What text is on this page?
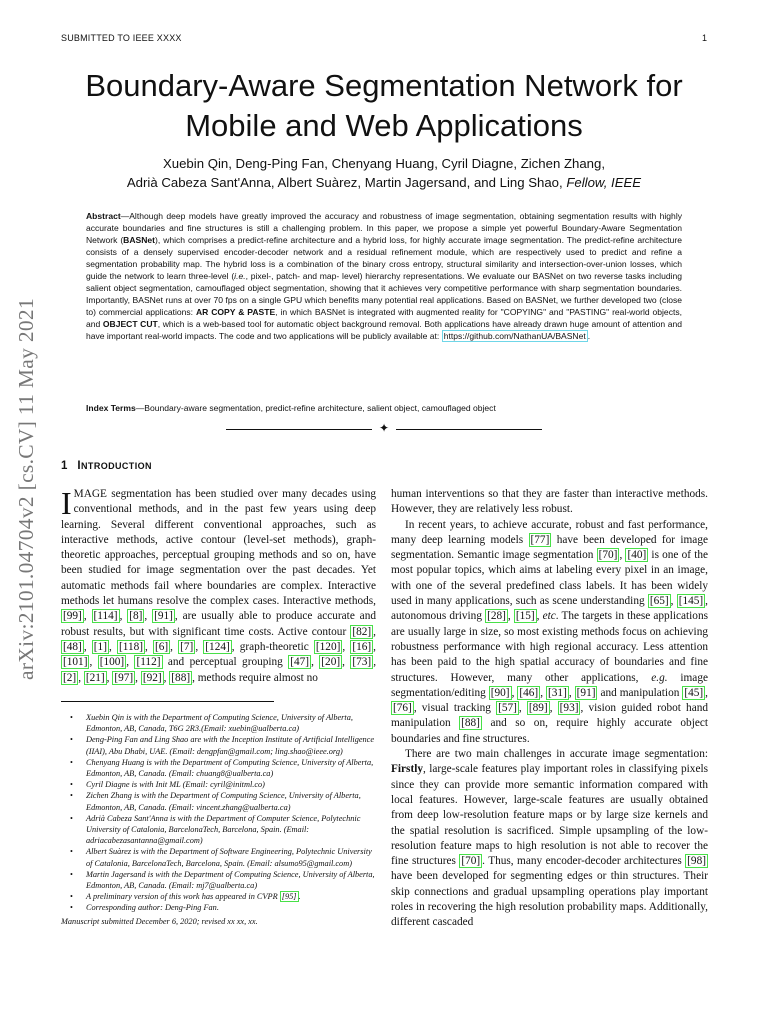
SUBMITTED TO IEEE XXXX	1
Boundary-Aware Segmentation Network for
Mobile and Web Applications
Xuebin Qin, Deng-Ping Fan, Chenyang Huang, Cyril Diagne, Zichen Zhang,
Adrià Cabeza Sant'Anna, Albert Suàrez, Martin Jagersand, and Ling Shao, Fellow, IEEE
Abstract—Although deep models have greatly improved the accuracy and robustness of image segmentation, obtaining segmentation results with highly accurate boundaries and fine structures is still a challenging problem. In this paper, we propose a simple yet powerful Boundary-Aware Segmentation Network (BASNet), which comprises a predict-refine architecture and a hybrid loss, for highly accurate image segmentation. The predict-refine architecture consists of a densely supervised encoder-decoder network and a residual refinement module, which are respectively used to predict and refine a segmentation probability map. The hybrid loss is a combination of the binary cross entropy, structural similarity and intersection-over-union losses, which guide the network to learn three-level (i.e., pixel-, patch- and map- level) hierarchy representations. We evaluate our BASNet on two reverse tasks including salient object segmentation, camouflaged object segmentation, showing that it achieves very competitive performance with sharp segmentation boundaries. Importantly, BASNet runs at over 70 fps on a single GPU which benefits many potential real applications. Based on BASNet, we further developed two (close to) commercial applications: AR COPY & PASTE, in which BASNet is integrated with augmented reality for "COPYING" and "PASTING" real-world objects, and OBJECT CUT, which is a web-based tool for automatic object background removal. Both applications have already drawn huge amount of attention and have important real-world impacts. The code and two applications will be publicly available at: https://github.com/NathanUA/BASNet .
Index Terms—Boundary-aware segmentation, predict-refine architecture, salient object, camouflaged object
✦
arXiv:2101.04704v2 [cs.CV] 11 May 2021 1 INTRODUCTION

IMAGE segmentation has been studied over many decades using conventional methods, and in the past few years using deep learning. Several different conventional approaches, such as interactive methods, active contour (level-set methods), graph-theoretic approaches, perceptual grouping methods and so on, have been studied for image segmentation over the past decades. Yet automatic methods fail where boundaries are complex. Interactive methods let humans resolve the complex cases. Interactive methods, [99] , [114] , [8] , [91] , are usually able to produce accurate and robust results, but with significant time costs. Active contour [82] , [48] , [1] , [118] , [6] , [7] , [124] , graph-theoretic [120] , [16] , [101] , [100] , [112] and perceptual grouping [47] , [20] , [73] , [2] , [21] , [97] , [92] , [88] , methods require almost no

• Xuebin Qin is with the Department of Computing Science, University of Alberta, Edmonton, AB, Canada, T6G 2R3.(Email: xuebin@ualberta.ca)
• Deng-Ping Fan and Ling Shao are with the Inception Institute of Artificial Intelligence (IIAI), Abu Dhabi, UAE. (Email: dengpfan@gmail.com; ling.shao@ieee.org)
• Chenyang Huang is with the Department of Computing Science, University of Alberta, Edmonton, AB, Canada. (Email: chuang8@ualberta.ca)
• Cyril Diagne is with Init ML (Email: cyril@initml.co)
• Zichen Zhang is with the Department of Computing Science, University of Alberta, Edmonton, AB, Canada. (Email: vincent.zhang@ualberta.ca)
• Adrià Cabeza Sant'Anna is with the Department of Computer Science, Polytechnic University of Catalonia, BarcelonaTech, Barcelona, Spain. (Email: adriacabezasantanna@gmail.com)
• Albert Suàrez is with the Department of Software Engineering, Polytechnic University of Catalonia, BarcelonaTech, Barcelona, Spain. (Email: alsumo95@gmail.com)
• Martin Jagersand is with the Department of Computing Science, University of Alberta, Edmonton, AB, Canada. (Email: mj7@ualberta.ca)
• A preliminary version of this work has appeared in CVPR [95] .
• Corresponding author: Deng-Ping Fan.
Manuscript submitted December 6, 2020; revised xx xx, xx.

human interventions so that they are faster than interactive methods. However, they are relatively less robust.

In recent years, to achieve accurate, robust and fast performance, many deep learning models [77] have been developed for image segmentation. Semantic image segmentation [70] , [40] is one of the most popular topics, which aims at labeling every pixel in an image, with one of the several predefined class labels. It has been widely used in many applications, such as scene understanding [65] , [145] , autonomous driving [28] , [15] , etc. The targets in these applications are usually large in size, so most existing methods focus on achieving robustness performance with high regional accuracy. Less attention has been paid to the high spatial accuracy of boundaries and fine structures. However, many other applications, e.g. image segmentation/editing [90] , [46] , [31] , [91] and manipulation [45] , [76] , visual tracking [57] , [89] , [93] , vision guided robot hand manipulation [88] and so on, require highly accurate object boundaries and fine structures.

There are two main challenges in accurate image segmentation: Firstly, large-scale features play important roles in classifying pixels since they can provide more semantic information compared with local features. However, large-scale features are usually obtained from deep low-resolution feature maps or by large size kernels and the spatial resolution is sacrificed. Simple upsampling of the low-resolution feature maps to high resolution is not able to recover the fine structures [70] . Thus, many encoder-decoder architectures [98] have been developed for segmenting edges or thin structures. Their skip connections and gradual upsampling operations play important roles in recovering the high resolution probability maps. Additionally, different cascaded
